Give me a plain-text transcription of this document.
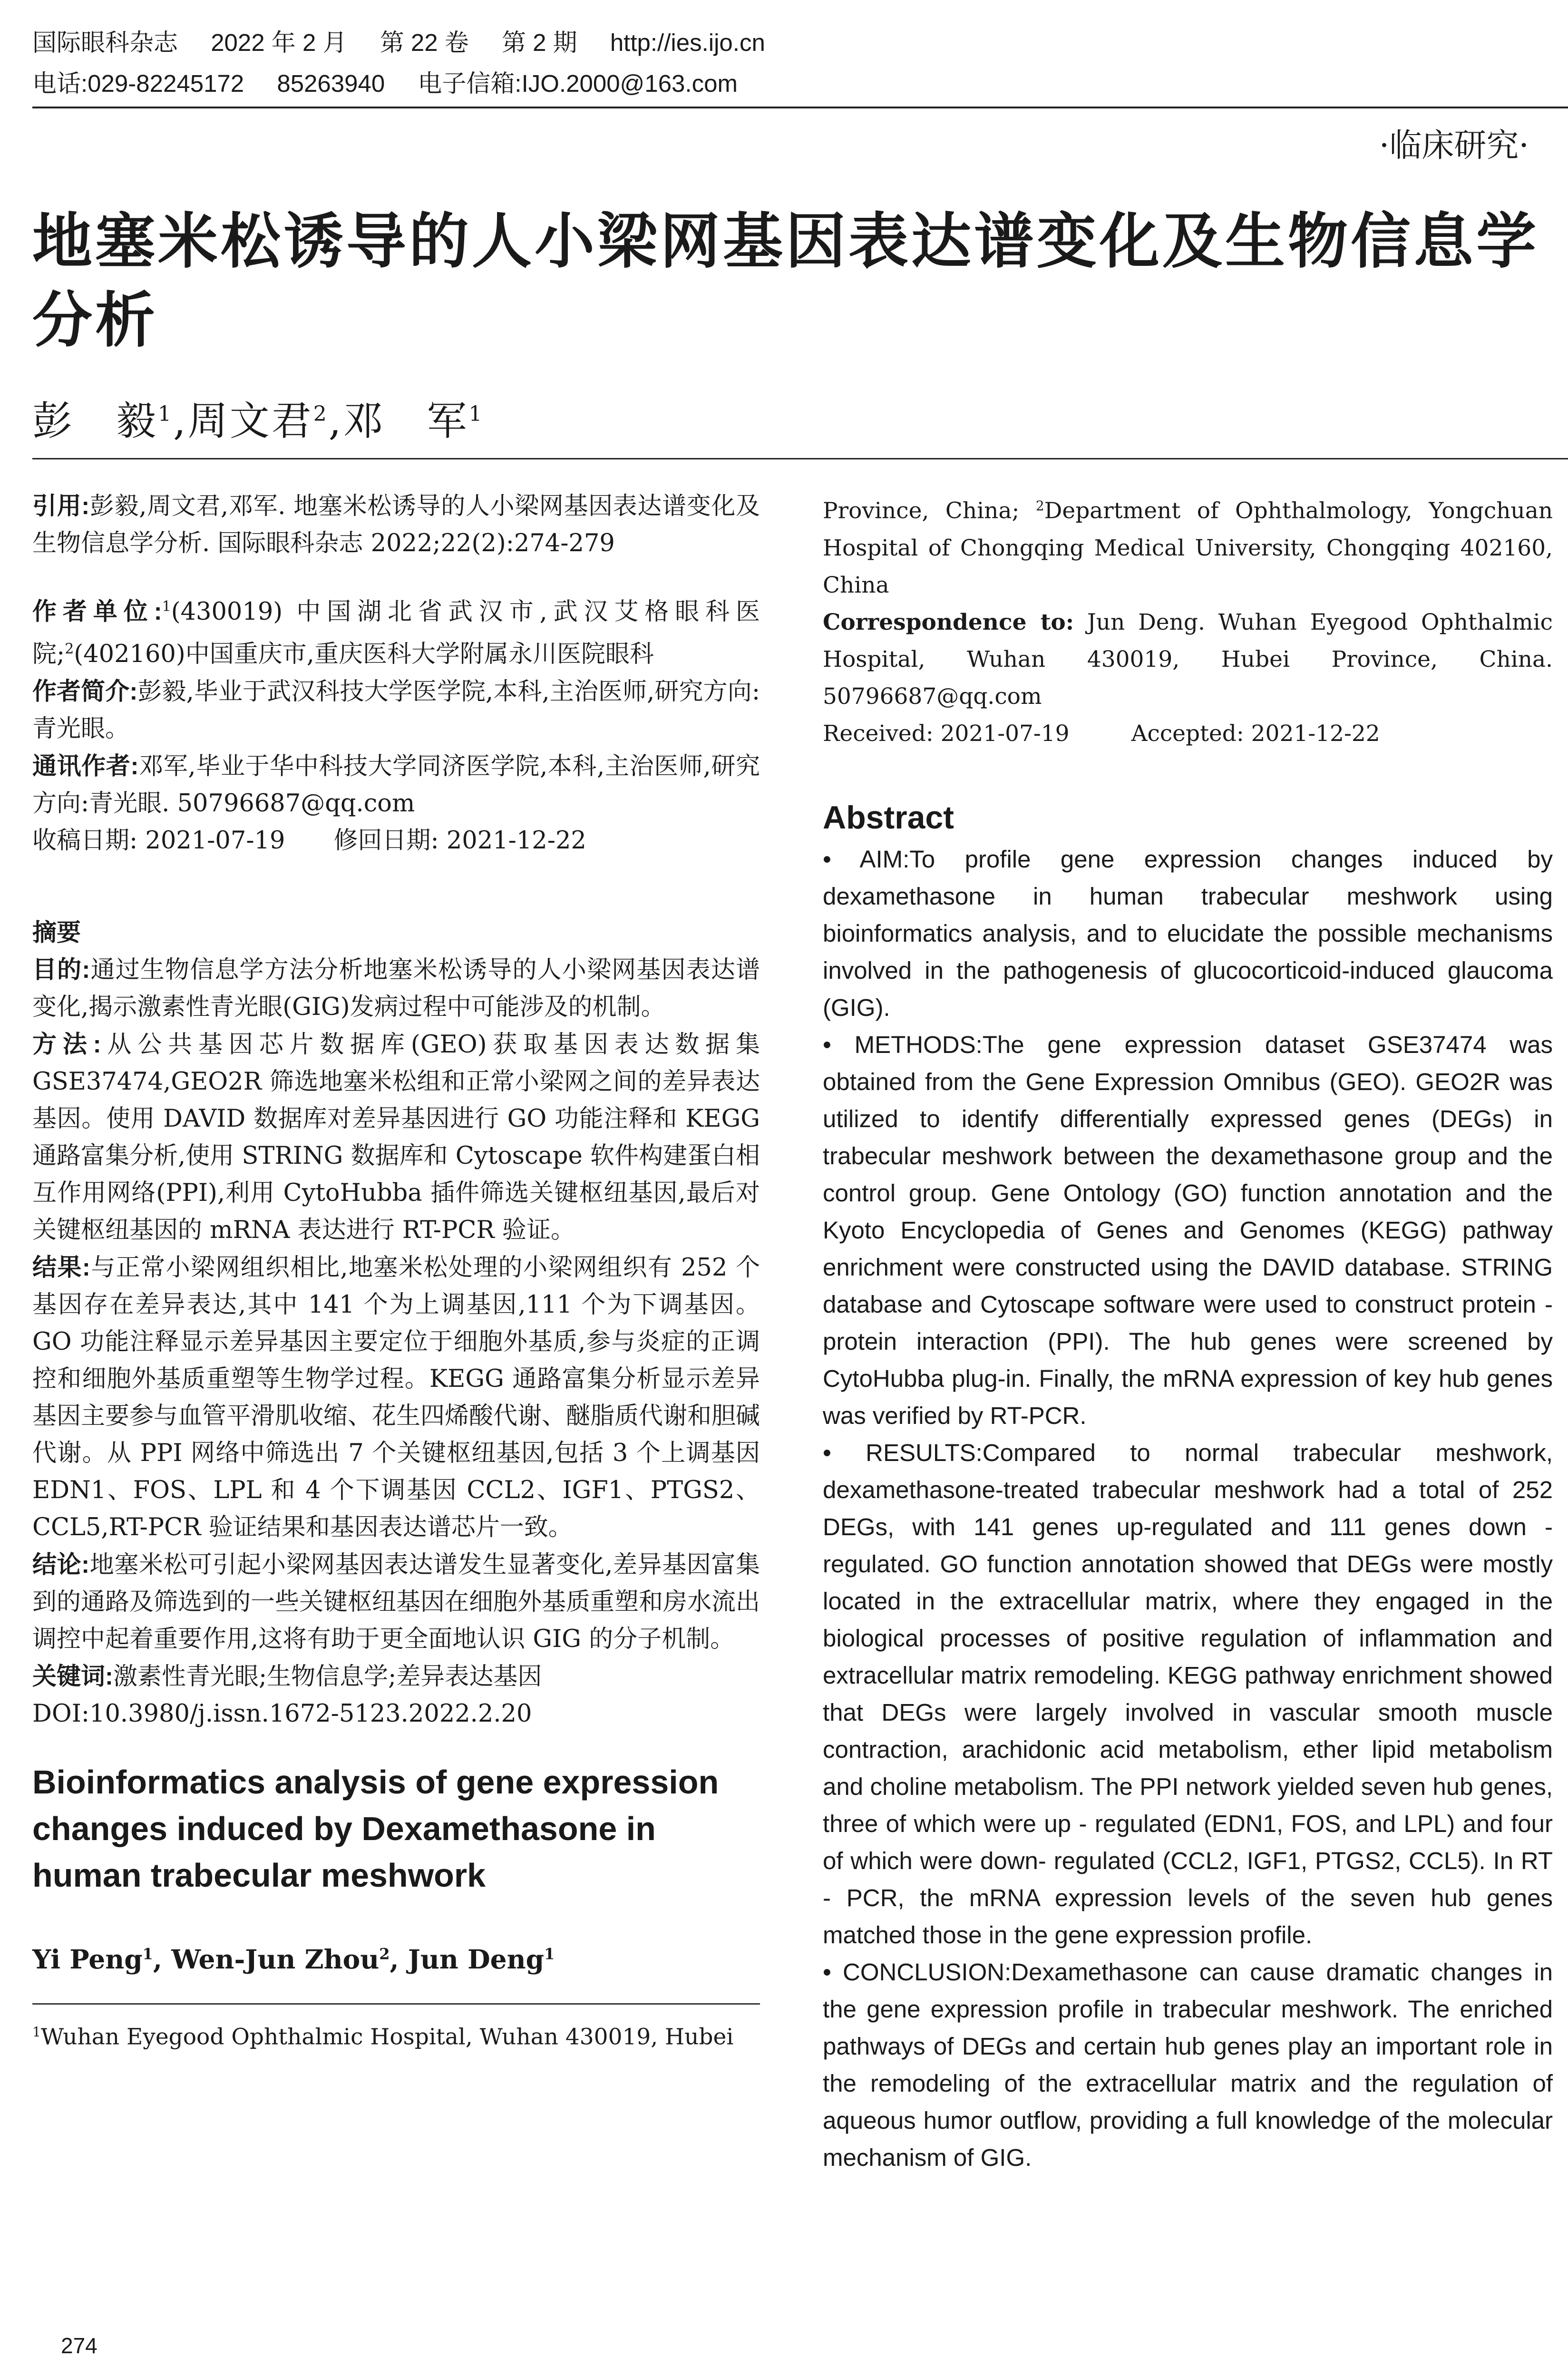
国际眼科杂志 2022 年 2 月 第 22 卷 第 2 期 http://ies.ijo.cn
电话:029-82245172 85263940 电子信箱:IJO.2000@163.com
·临床研究·
地塞米松诱导的人小梁网基因表达谱变化及生物信息学分析
彭　毅$^1$,周文君$^2$,邓　军$^1$

引用:彭毅,周文君,邓军. 地塞米松诱导的人小梁网基因表达谱变化及生物信息学分析. 国际眼科杂志 2022;22(2):274-279

作者单位:$^1$(430019) 中国湖北省武汉市,武汉艾格眼科医院;$^2$(402160)中国重庆市,重庆医科大学附属永川医院眼科

作者简介:彭毅,毕业于武汉科技大学医学院,本科,主治医师,研究方向:青光眼。

通讯作者:邓军,毕业于华中科技大学同济医学院,本科,主治医师,研究方向:青光眼. 50796687@qq.com

收稿日期: 2021-07-19　　修回日期: 2021-12-22

摘要

目的:通过生物信息学方法分析地塞米松诱导的人小梁网基因表达谱变化,揭示激素性青光眼(GIG)发病过程中可能涉及的机制。

方法:从公共基因芯片数据库(GEO)获取基因表达数据集 GSE37474,GEO2R 筛选地塞米松组和正常小梁网之间的差异表达基因。使用 DAVID 数据库对差异基因进行 GO 功能注释和 KEGG 通路富集分析,使用 STRING 数据库和 Cytoscape 软件构建蛋白相互作用网络(PPI),利用 CytoHubba 插件筛选关键枢纽基因,最后对关键枢纽基因的 mRNA 表达进行 RT-PCR 验证。

结果:与正常小梁网组织相比,地塞米松处理的小梁网组织有 252 个基因存在差异表达,其中 141 个为上调基因,111 个为下调基因。GO 功能注释显示差异基因主要定位于细胞外基质,参与炎症的正调控和细胞外基质重塑等生物学过程。KEGG 通路富集分析显示差异基因主要参与血管平滑肌收缩、花生四烯酸代谢、醚脂质代谢和胆碱代谢。从 PPI 网络中筛选出 7 个关键枢纽基因,包括 3 个上调基因 EDN1、FOS、LPL 和 4 个下调基因 CCL2、IGF1、PTGS2、CCL5,RT-PCR 验证结果和基因表达谱芯片一致。

结论:地塞米松可引起小梁网基因表达谱发生显著变化,差异基因富集到的通路及筛选到的一些关键枢纽基因在细胞外基质重塑和房水流出调控中起着重要作用,这将有助于更全面地认识 GIG 的分子机制。

关键词:激素性青光眼;生物信息学;差异表达基因

DOI:10.3980/j.issn.1672-5123.2022.2.20

Bioinformatics analysis of gene expression changes induced by Dexamethasone in human trabecular meshwork
Yi Peng$^1$, Wen-Jun Zhou$^2$, Jun Deng$^1$

$^1$Wuhan Eyegood Ophthalmic Hospital, Wuhan 430019, Hubei

Province, China; $^2$Department of Ophthalmology, Yongchuan Hospital of Chongqing Medical University, Chongqing 402160, China

Correspondence to: Jun Deng. Wuhan Eyegood Ophthalmic Hospital, Wuhan 430019, Hubei Province, China. 50796687@qq.com

Received: 2021-07-19	Accepted: 2021-12-22

Abstract

• AIM:To profile gene expression changes induced by dexamethasone in human trabecular meshwork using bioinformatics analysis, and to elucidate the possible mechanisms involved in the pathogenesis of glucocorticoid-induced glaucoma (GIG).

• METHODS:The gene expression dataset GSE37474 was obtained from the Gene Expression Omnibus (GEO). GEO2R was utilized to identify differentially expressed genes (DEGs) in trabecular meshwork between the dexamethasone group and the control group. Gene Ontology (GO) function annotation and the Kyoto Encyclopedia of Genes and Genomes (KEGG) pathway enrichment were constructed using the DAVID database. STRING database and Cytoscape software were used to construct protein - protein interaction (PPI). The hub genes were screened by CytoHubba plug-in. Finally, the mRNA expression of key hub genes was verified by RT-PCR.

• RESULTS:Compared to normal trabecular meshwork, dexamethasone-treated trabecular meshwork had a total of 252 DEGs, with 141 genes up-regulated and 111 genes down - regulated. GO function annotation showed that DEGs were mostly located in the extracellular matrix, where they engaged in the biological processes of positive regulation of inflammation and extracellular matrix remodeling. KEGG pathway enrichment showed that DEGs were largely involved in vascular smooth muscle contraction, arachidonic acid metabolism, ether lipid metabolism and choline metabolism. The PPI network yielded seven hub genes, three of which were up - regulated (EDN1, FOS, and LPL) and four of which were down- regulated (CCL2, IGF1, PTGS2, CCL5). In RT - PCR, the mRNA expression levels of the seven hub genes matched those in the gene expression profile.

• CONCLUSION:Dexamethasone can cause dramatic changes in the gene expression profile in trabecular meshwork. The enriched pathways of DEGs and certain hub genes play an important role in the remodeling of the extracellular matrix and the regulation of aqueous humor outflow, providing a full knowledge of the molecular mechanism of GIG.

274
